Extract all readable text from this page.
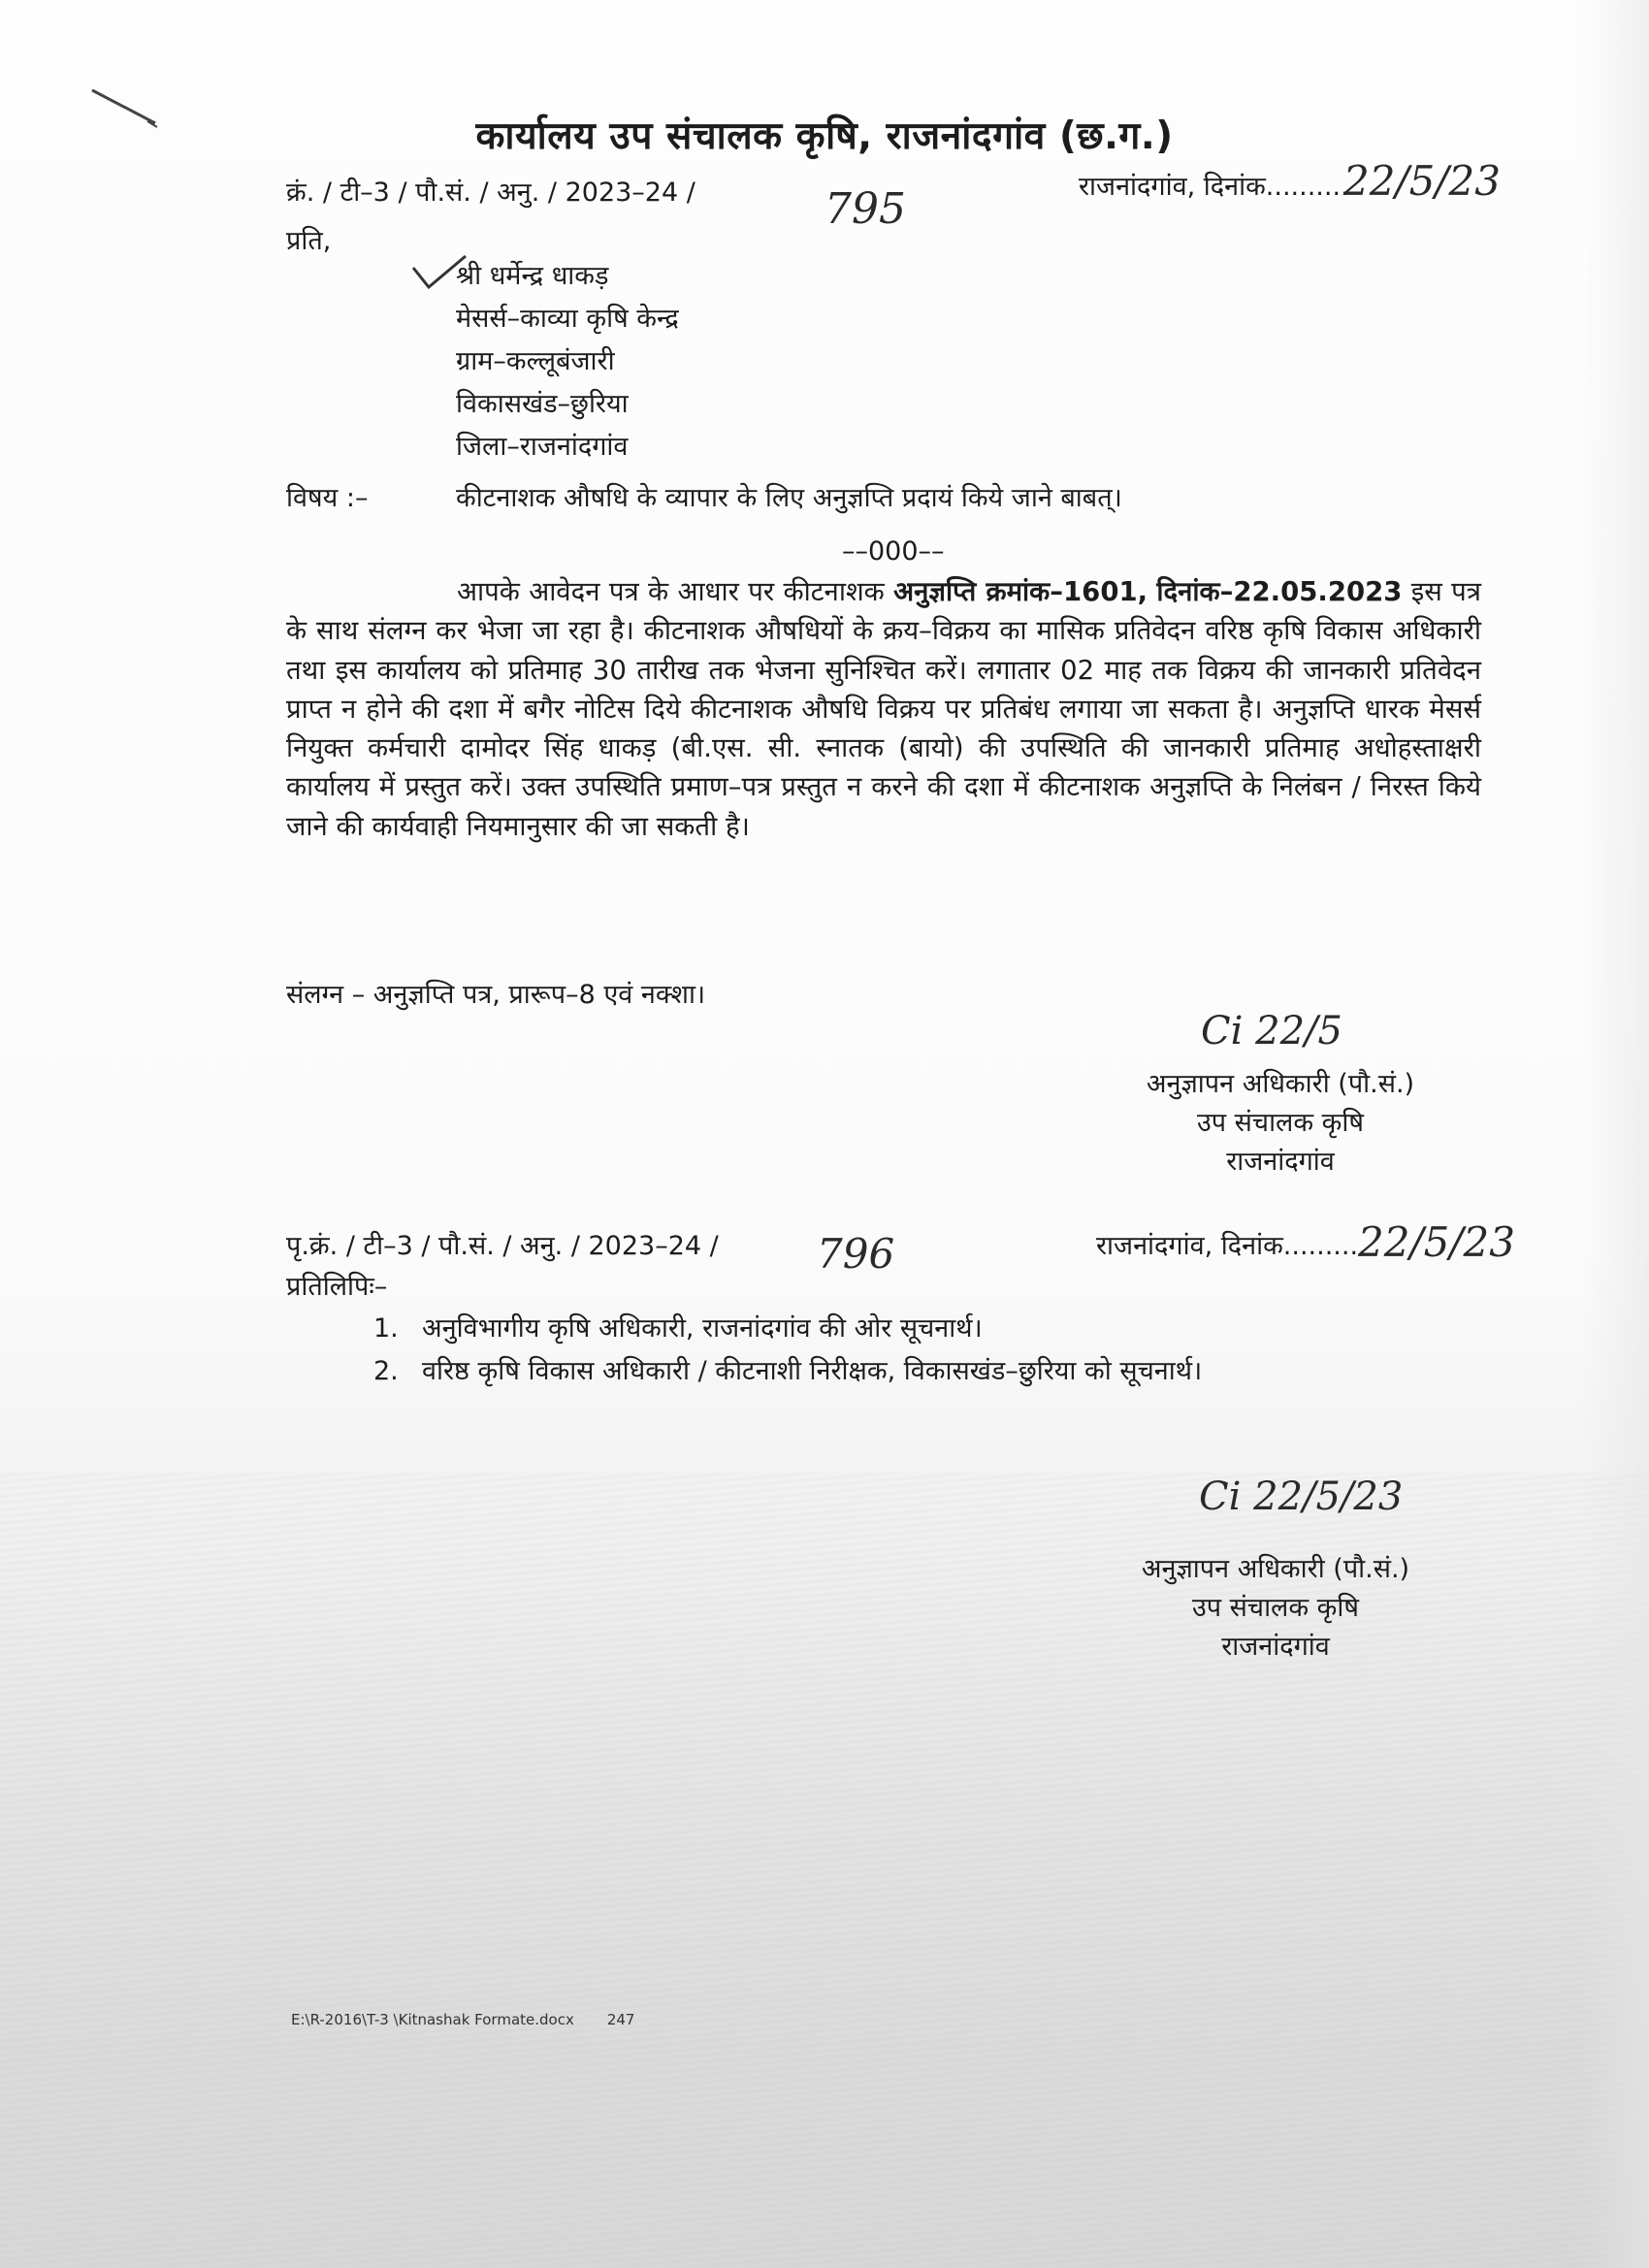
कार्यालय उप संचालक कृषि, राजनांदगांव (छ.ग.)
क्रं. / टी–3 / पौ.सं. / अनु. / 2023–24 /	795	राजनांदगांव, दिनांक..........
22/5/23
प्रति,
श्री धर्मेन्द्र धाकड़
मेसर्स–काव्या कृषि केन्द्र
ग्राम–कल्लूबंजारी
विकासखंड–छुरिया
जिला–राजनांदगांव
विषय :–	कीटनाशक औषधि के व्यापार के लिए अनुज्ञप्ति प्रदायं किये जाने बाबत्।
––000––

आपके आवेदन पत्र के आधार पर कीटनाशक अनुज्ञप्ति क्रमांक–1601, दिनांक–22.05.2023 इस पत्र के साथ संलग्न कर भेजा जा रहा है। कीटनाशक औषधियों के क्रय–विक्रय का मासिक प्रतिवेदन वरिष्ठ कृषि विकास अधिकारी तथा इस कार्यालय को प्रतिमाह 30 तारीख तक भेजना सुनिश्चित करें। लगातार 02 माह तक विक्रय की जानकारी प्रतिवेदन प्राप्त न होने की दशा में बगैर नोटिस दिये कीटनाशक औषधि विक्रय पर प्रतिबंध लगाया जा सकता है। अनुज्ञप्ति धारक मेसर्स नियुक्त कर्मचारी दामोदर सिंह धाकड़ (बी.एस. सी. स्नातक (बायो) की उपस्थिति की जानकारी प्रतिमाह अधोहस्ताक्षरी कार्यालय में प्रस्तुत करें। उक्त उपस्थिति प्रमाण–पत्र प्रस्तुत न करने की दशा में कीटनाशक अनुज्ञप्ति के निलंबन / निरस्त किये जाने की कार्यवाही नियमानुसार की जा सकती है।

संलग्न – अनुज्ञप्ति पत्र, प्रारूप–8 एवं नक्शा।
Ci 22/5
अनुज्ञापन अधिकारी (पौ.सं.)
उप संचालक कृषि
राजनांदगांव
पृ.क्रं. / टी–3 / पौ.सं. / अनु. / 2023–24 / 796	राजनांदगांव, दिनांक..........
22/5/23
प्रतिलिपिः–
1. अनुविभागीय कृषि अधिकारी, राजनांदगांव की ओर सूचनार्थ।
2. वरिष्ठ कृषि विकास अधिकारी / कीटनाशी निरीक्षक, विकासखंड–छुरिया को सूचनार्थ।
Ci 22/5/23
अनुज्ञापन अधिकारी (पौ.सं.)
उप संचालक कृषि
राजनांदगांव
E:\R-2016\T-3 \Kitnashak Formate.docx 247
